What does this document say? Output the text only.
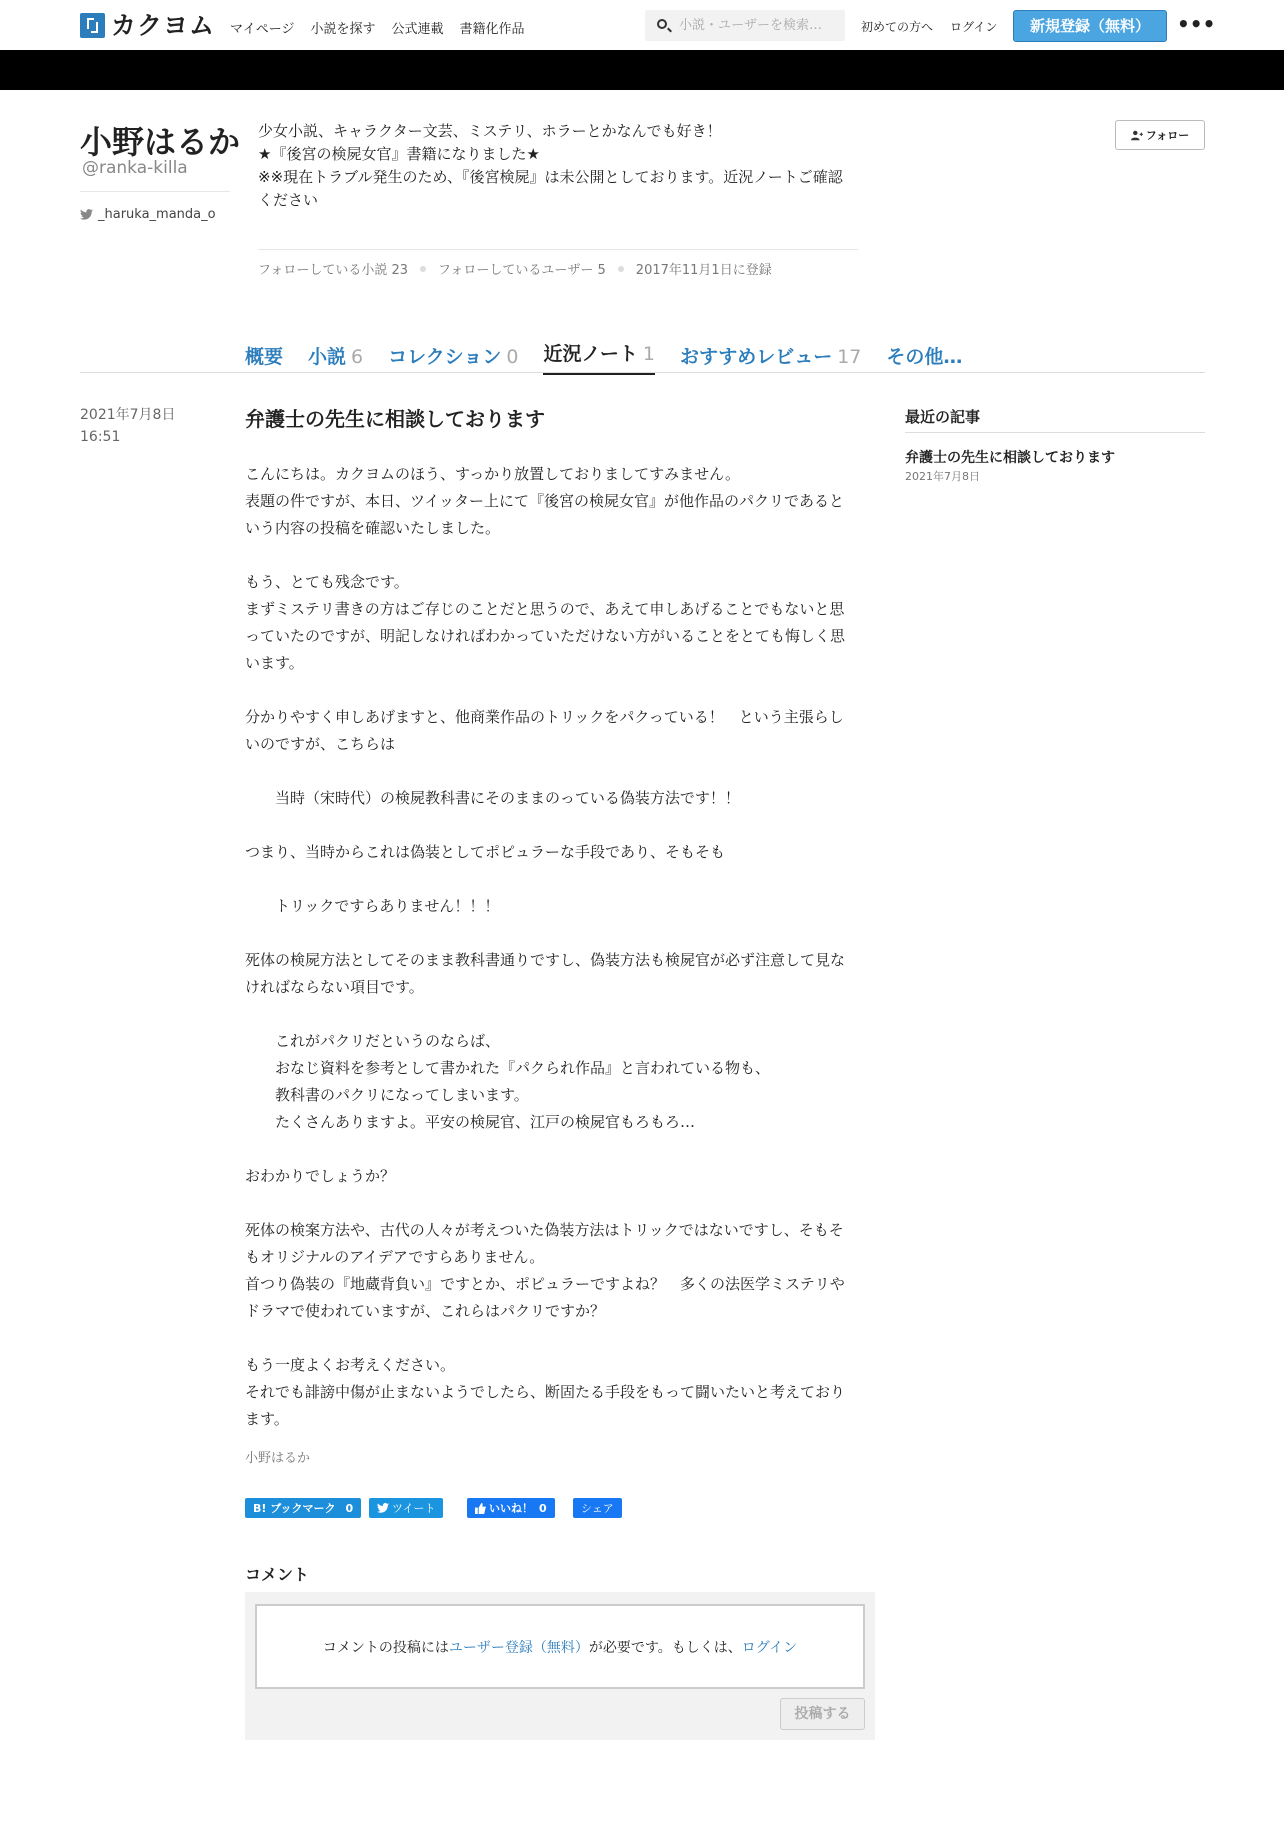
カクヨム マイページ 小説を探す 公式連載 書籍化作品
小説・ユーザーを検索…	初めての方へ ログイン	新規登録（無料）	•••
小野はるか
@ranka-killa
_haruka_manda_o

少女小説、キャラクター文芸、ミステリ、ホラーとかなんでも好き！

★『後宮の検屍女官』書籍になりました★

※※現在トラブル発生のため、『後宮検屍』は未公開としております。近況ノートご確認

ください

フォローしている小説 23 フォローしているユーザー 5 2017年11月1日に登録
フォロー
概要 小説 6 コレクション 0 近況ノート 1 おすすめレビュー 17 その他…
2021年7月8日
16:51
弁護士の先生に相談しております
こんにちは。カクヨムのほう、すっかり放置しておりましてすみません。
表題の件ですが、本日、ツイッター上にて『後宮の検屍女官』が他作品のパクリであると
いう内容の投稿を確認いたしました。
もう、とても残念です。
まずミステリ書きの方はご存じのことだと思うので、あえて申しあげることでもないと思
っていたのですが、明記しなければわかっていただけない方がいることをとても悔しく思
います。
分かりやすく申しあげますと、他商業作品のトリックをパクっている！　という主張らし
いのですが、こちらは
　　当時（宋時代）の検屍教科書にそのままのっている偽装方法です！！
つまり、当時からこれは偽装としてポピュラーな手段であり、そもそも
　　トリックですらありません！！！
死体の検屍方法としてそのまま教科書通りですし、偽装方法も検屍官が必ず注意して見な
ければならない項目です。
　　これがパクリだというのならば、
　　おなじ資料を参考として書かれた『パクられ作品』と言われている物も、
　　教科書のパクリになってしまいます。
　　たくさんありますよ。平安の検屍官、江戸の検屍官もろもろ…
おわかりでしょうか？
死体の検案方法や、古代の人々が考えついた偽装方法はトリックではないですし、そもそ
もオリジナルのアイデアですらありません。
首つり偽装の『地蔵背負い』ですとか、ポピュラーですよね？　多くの法医学ミステリや
ドラマで使われていますが、これらはパクリですか？
もう一度よくお考えください。
それでも誹謗中傷が止まないようでしたら、断固たる手段をもって闘いたいと考えており
ます。
小野はるか
B! ブックマーク 0	ツイート	いいね！ 0	シェア
コメント
コメントの投稿には ユーザー登録（無料） が必要です。もしくは、 ログイン
投稿する
最近の記事
弁護士の先生に相談しております
2021年7月8日
